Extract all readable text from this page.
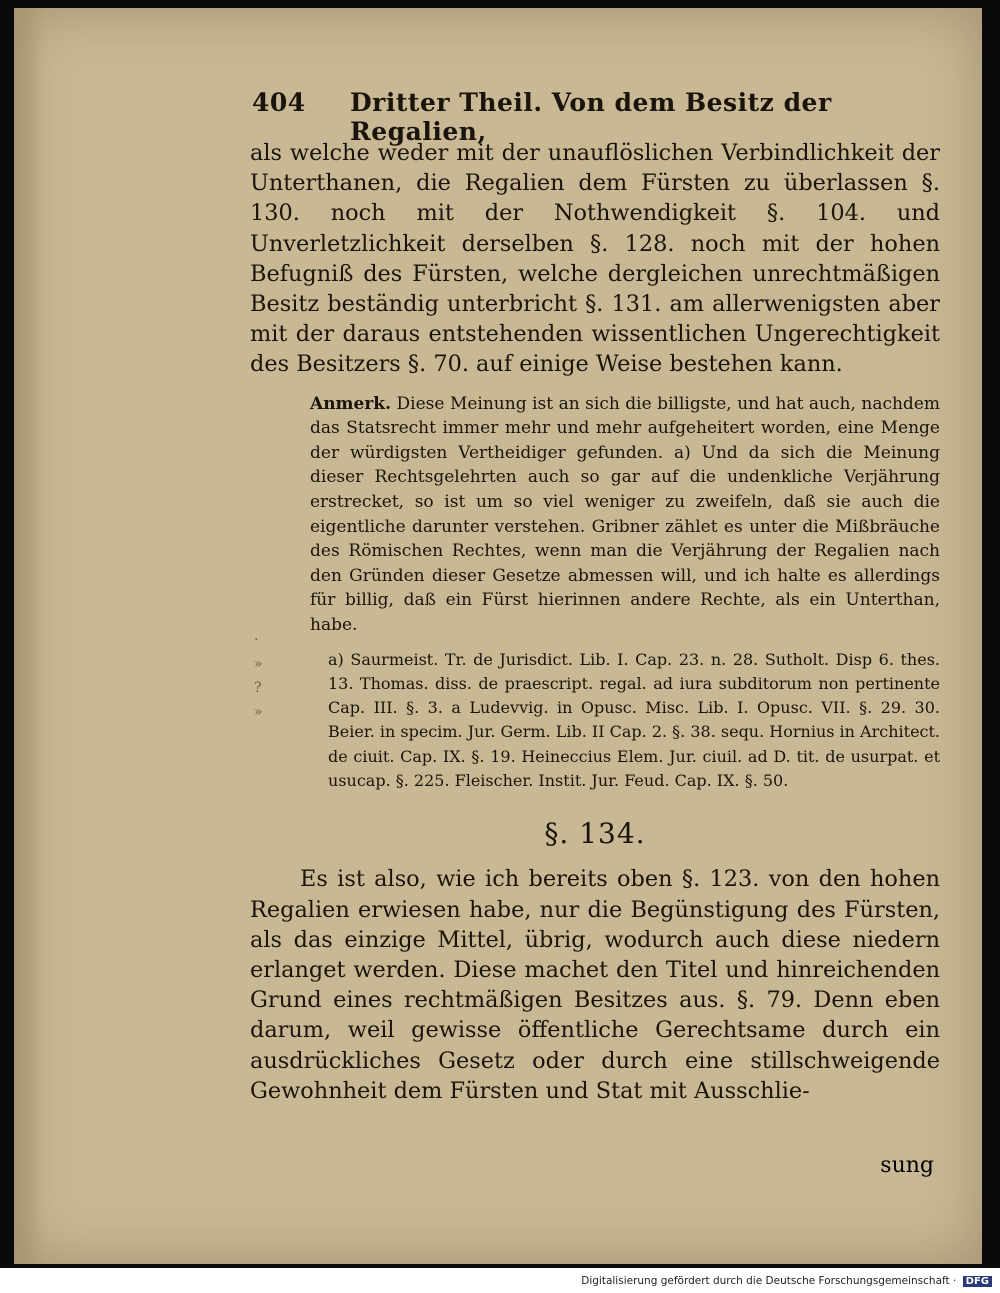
·
»
?
»
404 Dritter Theil. Von dem Besitz der Regalien,

als welche weder mit der unauflöslichen Verbindlichkeit der Unterthanen, die Regalien dem Fürsten zu überlassen §. 130. noch mit der Nothwendigkeit §. 104. und Unverletzlichkeit derselben §. 128. noch mit der hohen Befugniß des Fürsten, welche dergleichen unrechtmäßigen Besitz beständig unterbricht §. 131. am allerwenigsten aber mit der daraus entstehenden wissentlichen Ungerechtigkeit des Besitzers §. 70. auf einige Weise bestehen kann.

Anmerk. Diese Meinung ist an sich die billigste, und hat auch, nachdem das Statsrecht immer mehr und mehr aufgeheitert worden, eine Menge der würdigsten Vertheidiger gefunden. a) Und da sich die Meinung dieser Rechtsgelehrten auch so gar auf die undenkliche Verjährung erstrecket, so ist um so viel weniger zu zweifeln, daß sie auch die eigentliche darunter verstehen. Gribner zählet es unter die Mißbräuche des Römischen Rechtes, wenn man die Verjährung der Regalien nach den Gründen dieser Gesetze abmessen will, und ich halte es allerdings für billig, daß ein Fürst hierinnen andere Rechte, als ein Unterthan, habe.
a) Saurmeist. Tr. de Jurisdict. Lib. I. Cap. 23. n. 28. Sutholt. Disp 6. thes. 13. Thomas. diss. de praescript. regal. ad iura subditorum non pertinente Cap. III. §. 3. a Ludevvig. in Opusc. Misc. Lib. I. Opusc. VII. §. 29. 30. Beier. in specim. Jur. Germ. Lib. II Cap. 2. §. 38. sequ. Hornius in Architect. de ciuit. Cap. IX. §. 19. Heineccius Elem. Jur. ciuil. ad D. tit. de usurpat. et usucap. §. 225. Fleischer. Instit. Jur. Feud. Cap. IX. §. 50.
§. 134.

Es ist also, wie ich bereits oben §. 123. von den hohen Regalien erwiesen habe, nur die Begünstigung des Fürsten, als das einzige Mittel, übrig, wodurch auch diese niedern erlanget werden. Diese machet den Titel und hinreichenden Grund eines rechtmäßigen Besitzes aus. §. 79. Denn eben darum, weil gewisse öffentliche Gerechtsame durch ein ausdrückliches Gesetz oder durch eine stillschweigende Gewohnheit dem Fürsten und Stat mit Ausschlie-

sung
Digitalisierung gefördert durch die Deutsche Forschungsgemeinschaft · DFG
